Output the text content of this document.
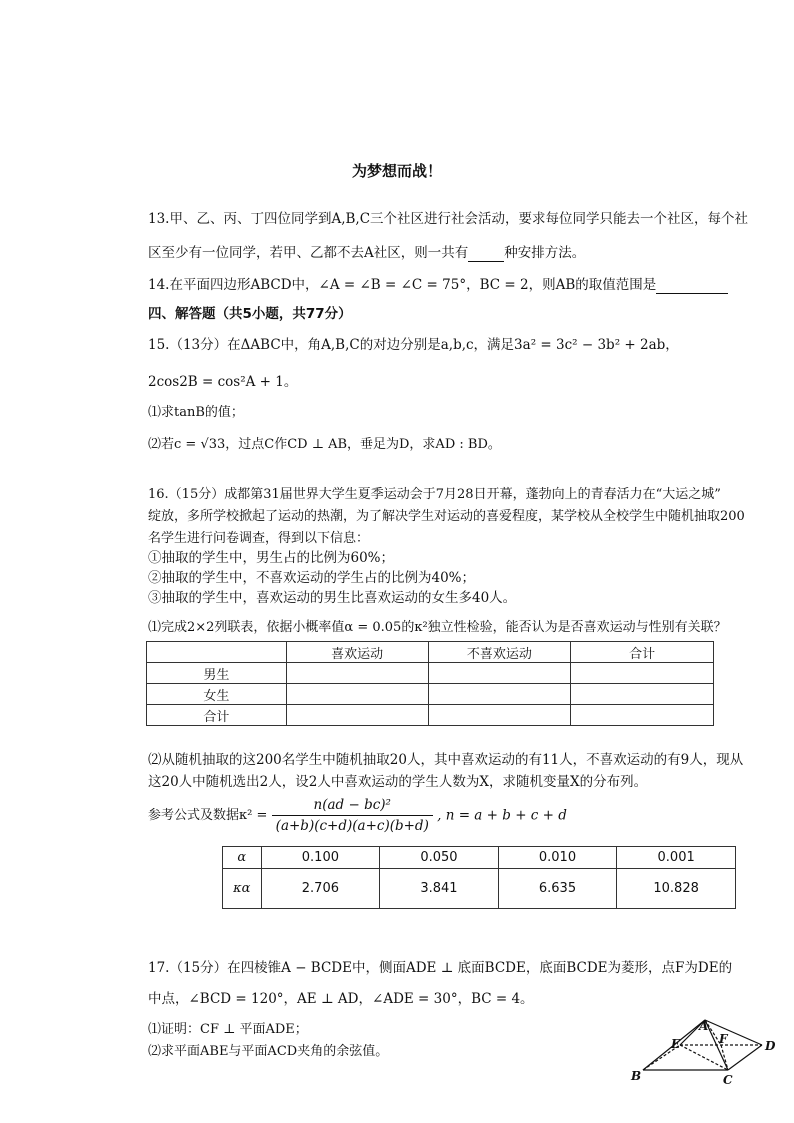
为梦想而战！
13.甲、乙、丙、丁四位同学到A,B,C三个社区进行社会活动，要求每位同学只能去一个社区，每个社
区至少有一位同学，若甲、乙都不去A社区，则一共有	种安排方法。
14.在平面四边形ABCD中，∠A = ∠B = ∠C = 75°，BC = 2，则AB的取值范围是
四、解答题（共5小题，共77分）
15.（13分）在ΔABC中，角A,B,C的对边分别是a,b,c，满足3a² = 3c² − 3b² + 2ab，
2cos2B = cos²A + 1。
⑴求tanB的值；
⑵若c = √33，过点C作CD ⊥ AB，垂足为D，求AD : BD。
16.（15分）成都第31届世界大学生夏季运动会于7月28日开幕，蓬勃向上的青春活力在“大运之城”
绽放，多所学校掀起了运动的热潮，为了解决学生对运动的喜爱程度，某学校从全校学生中随机抽取200
名学生进行问卷调查，得到以下信息：
①抽取的学生中，男生占的比例为60%；
②抽取的学生中，不喜欢运动的学生占的比例为40%；
③抽取的学生中，喜欢运动的男生比喜欢运动的女生多40人。
⑴完成2×2列联表，依据小概率值α = 0.05的κ²独立性检验，能否认为是否喜欢运动与性别有关联？
	喜欢运动	不喜欢运动	合计
男生			
女生			
合计			
⑵从随机抽取的这200名学生中随机抽取20人，其中喜欢运动的有11人，不喜欢运动的有9人，现从
这20人中随机选出2人，设2人中喜欢运动的学生人数为X，求随机变量X的分布列。
参考公式及数据$\kappa^2 = \frac{\text{n(ad − bc)²}}{(a+b)(c+d)(a+c)(b+d)}$ , n = a + b + c + d
α	0.100	0.050	0.010	0.001
κα	2.706	3.841	6.635	10.828
17.（15分）在四棱锥A − BCDE中，侧面ADE ⊥ 底面BCDE，底面BCDE为菱形，点F为DE的
中点，∠BCD = 120°，AE ⊥ AD，∠ADE = 30°，BC = 4。
⑴证明：CF ⊥ 平面ADE；
⑵求平面ABE与平面ACD夹角的余弦值。
A
B	C
D
E	F
